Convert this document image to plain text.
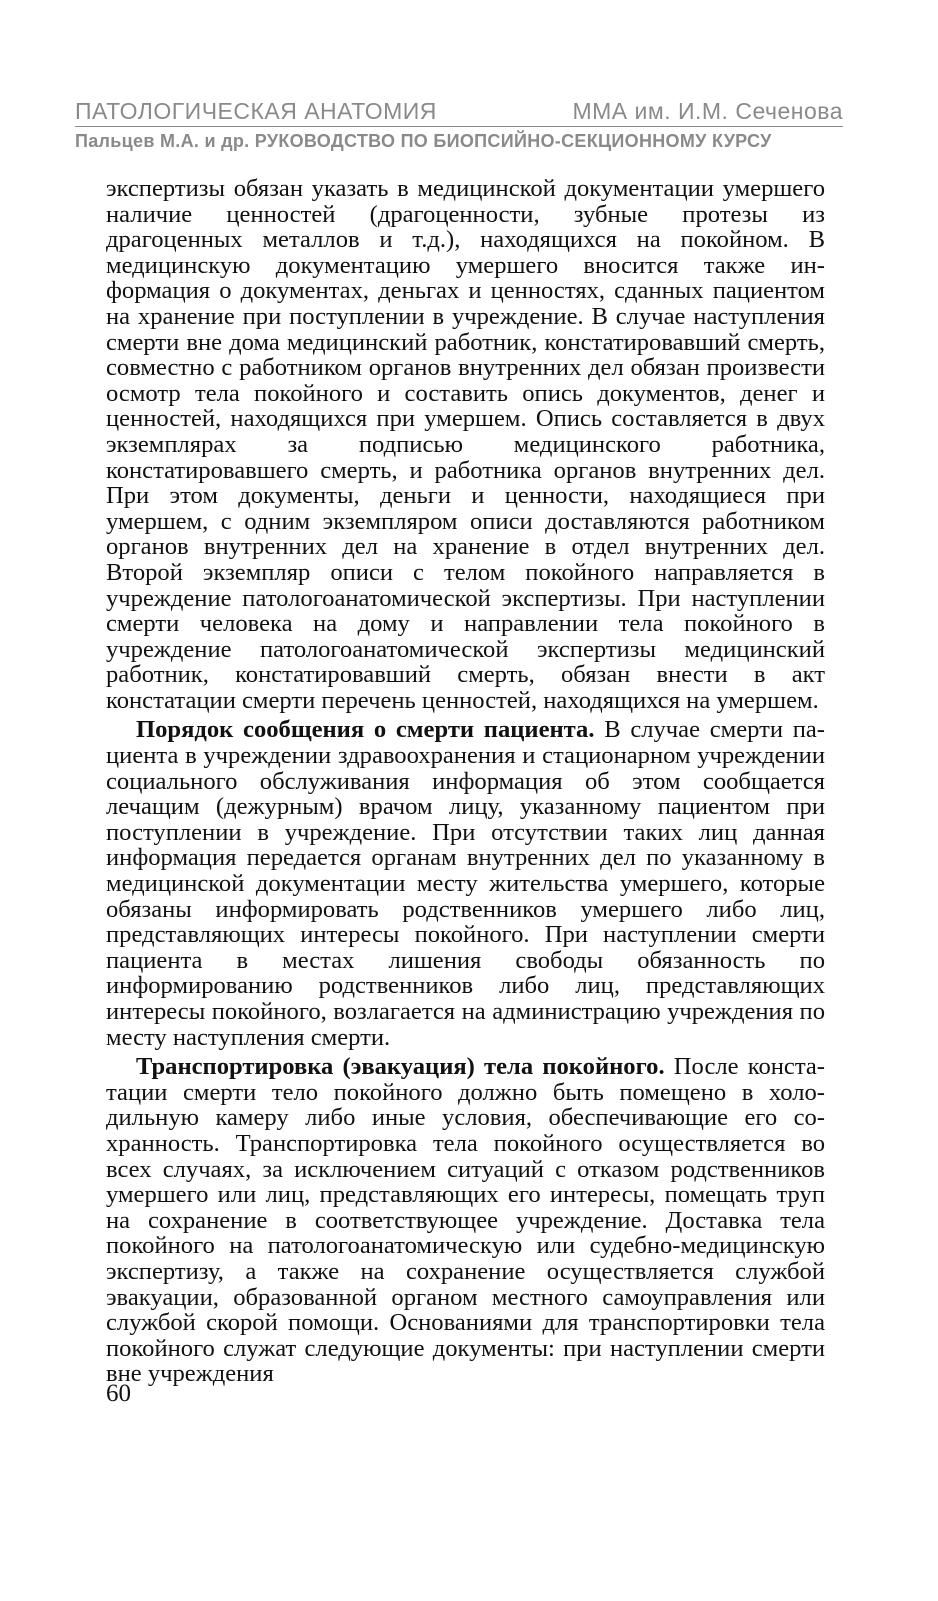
ПАТОЛОГИЧЕСКАЯ АНАТОМИЯ	ММА им. И.М. Сеченова
Пальцев М.А. и др. РУКОВОДСТВО ПО БИОПСИЙНО-СЕКЦИОННОМУ КУРСУ

экспертизы обязан указать в медицинской документации умершего наличие ценностей (драгоценности, зубные протезы из драгоценных металлов и т.д.), находящихся на покойном. В медицинскую документацию умершего вносится также информация о документах, деньгах и ценностях, сданных пациентом на хранение при поступлении в учреждение. В случае наступления смерти вне дома медицинский работник, констатировавший смерть, совместно с работником органов внутренних дел обязан произвести осмотр тела покойного и составить опись документов, денег и ценностей, находящихся при умершем. Опись составляется в двух экземплярах за подписью медицинского работника, констатировавшего смерть, и работника органов внутренних дел. При этом документы, деньги и ценности, находящиеся при умершем, с одним экземпляром описи доставляются работником органов внутренних дел на хранение в отдел внутренних дел. Второй экземпляр описи с телом покойного направляется в учреждение патологоанатомической экспертизы. При наступлении смерти человека на дому и направлении тела покойного в учреждение патологоанатомической экспертизы медицинский работник, констатировавший смерть, обязан внести в акт констатации смерти перечень ценностей, находящихся на умершем.

Порядок сообщения о смерти пациента. В случае смерти пациента в учреждении здравоохранения и стационарном учреждении социального обслуживания информация об этом сообщается лечащим (дежурным) врачом лицу, указанному пациентом при поступлении в учреждение. При отсутствии таких лиц данная информация передается органам внутренних дел по указанному в медицинской документации месту жительства умершего, которые обязаны информировать родственников умершего либо лиц, представляющих интересы покойного. При наступлении смерти пациента в местах лишения свободы обязанность по информированию родственников либо лиц, представляющих интересы покойного, возлагается на администрацию учреждения по месту наступления смерти.

Транспортировка (эвакуация) тела покойного. После констатации смерти тело покойного должно быть помещено в холодильную камеру либо иные условия, обеспечивающие его сохранность. Транспортировка тела покойного осуществляется во всех случаях, за исключением ситуаций с отказом родственников умершего или лиц, представляющих его интересы, помещать труп на сохранение в соответствующее учреждение. Доставка тела покойного на патологоанатомическую или судебно-медицинскую экспертизу, а также на сохранение осуществляется службой эвакуации, образованной органом местного самоуправления или службой скорой помощи. Основаниями для транспортировки тела покойного служат следующие документы: при наступлении смерти вне учреждения

60
